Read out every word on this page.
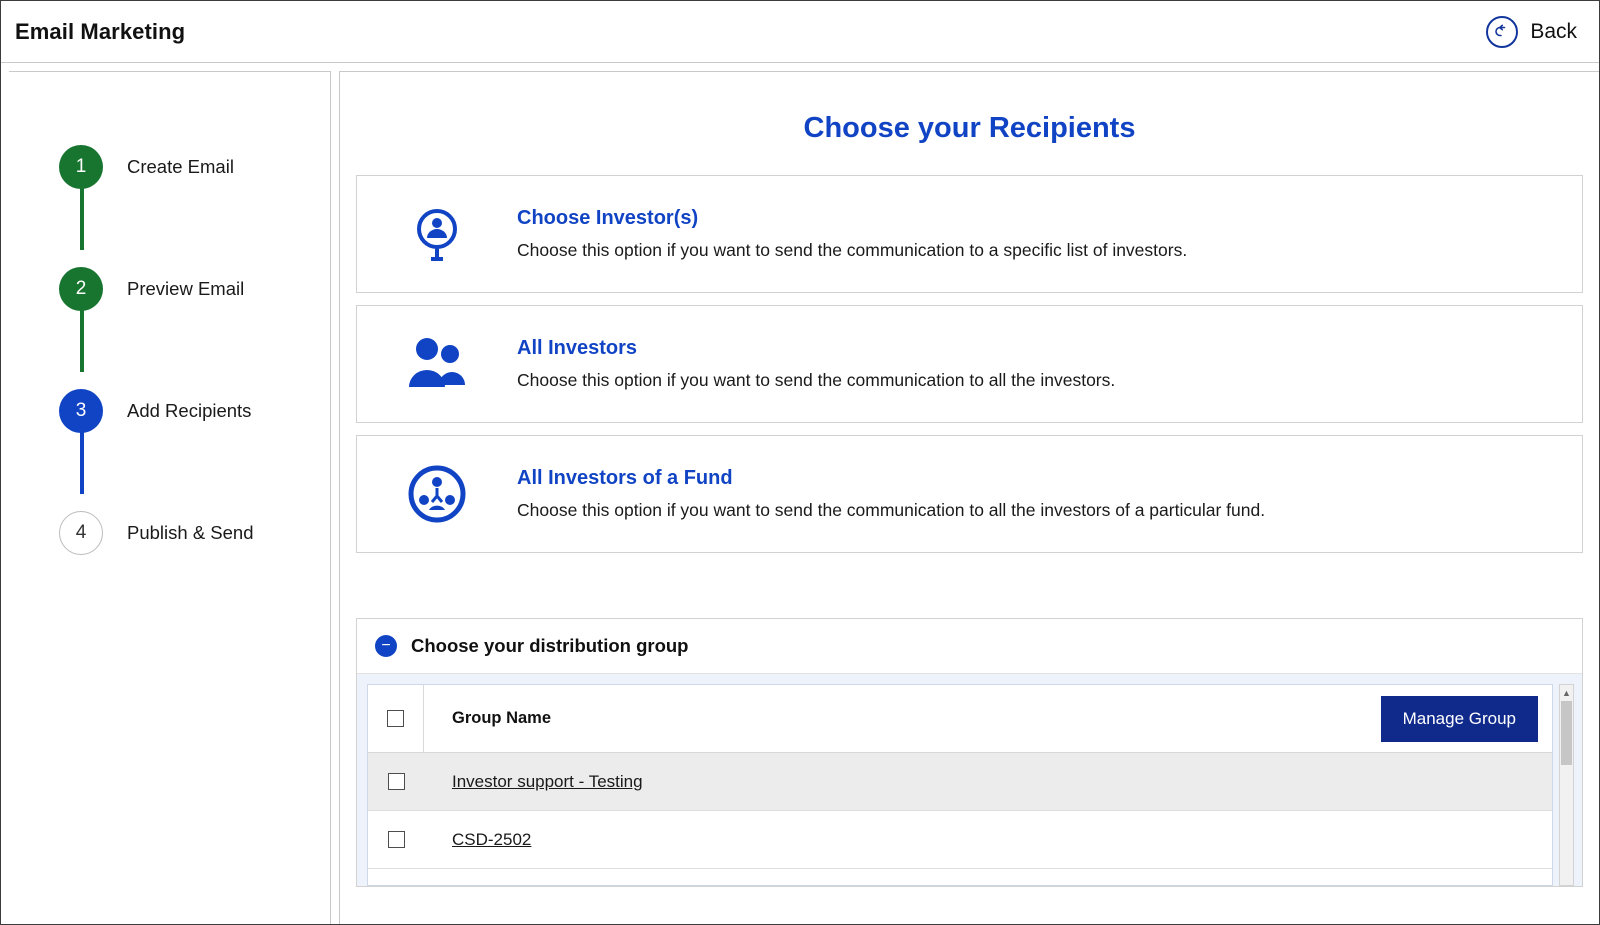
Email Marketing	Back
1	Create Email
2	Preview Email
3	Add Recipients
4	Publish & Send
Choose your Recipients
Choose Investor(s)
Choose this option if you want to send the communication to a specific list of investors.
All Investors
Choose this option if you want to send the communication to all the investors.
All Investors of a Fund
Choose this option if you want to send the communication to all the investors of a particular fund.
−	Choose your distribution group
Group Name	Manage Group
Investor support - Testing
CSD-2502
▲
